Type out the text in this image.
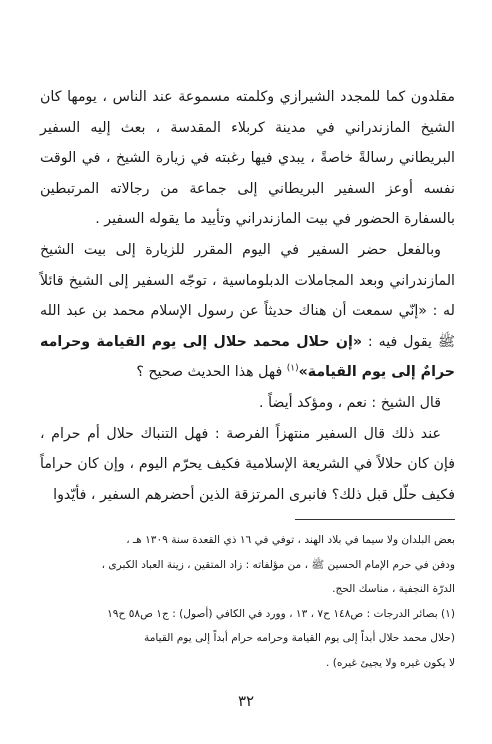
مقلدون كما للمجدد الشيرازي وكلمته مسموعة عند الناس ، يومها كان الشيخ المازندراني في مدينة كربلاء المقدسة ، بعث إليه السفير البريطاني رسالةً خاصةً ، يبدي فيها رغبته في زيارة الشيخ ، في الوقت نفسه أوعز السفير البريطاني إلى جماعة من رجالاته المرتبطين بالسفارة الحضور في بيت المازندراني وتأييد ما يقوله السفير .

وبالفعل حضر السفير في اليوم المقرر للزيارة إلى بيت الشيخ المازندراني وبعد المجاملات الدبلوماسية ، توجّه السفير إلى الشيخ قائلاً له : «إنّي سمعت أن هناك حديثاً عن رسول الإسلام محمد بن عبد الله ﷺ يقول فيه : «إن حلال محمد حلال إلى يوم القيامة وحرامه حرامٌ إلى يوم القيامة»$^{(١)}$ فهل هذا الحديث صحيح ؟

قال الشيخ : نعم ، ومؤكد أيضاً .

عند ذلك قال السفير منتهزاً الفرصة : فهل التنباك حلال أم حرام ، فإن كان حلالاً في الشريعة الإسلامية فكيف يحرّم اليوم ، وإن كان حراماً فكيف حلّل قبل ذلك؟ فانبرى المرتزقة الذين أحضرهم السفير ، فأيّدوا

بعض البلدان ولا سيما في بلاد الهند ، توفي في ١٦ ذي القعدة سنة ١٣٠٩ هـ ،

ودفن في حرم الإمام الحسين ﷺ ، من مؤلفاته : زاد المتقين ، زينة العباد الكبرى ،

الدرّة النجفية ، مناسك الحج.

(١) بصائر الدرجات : ص١٤٨ ح٧ ، ١٣ ، وورد في الكافي (أصول) : ج١ ص٥٨ ح١٩

(حلال محمد حلال أبداً إلى يوم القيامة وحرامه حرام أبداً إلى يوم القيامة

لا يكون غيره ولا يجيئ غيره) .

٣٢
